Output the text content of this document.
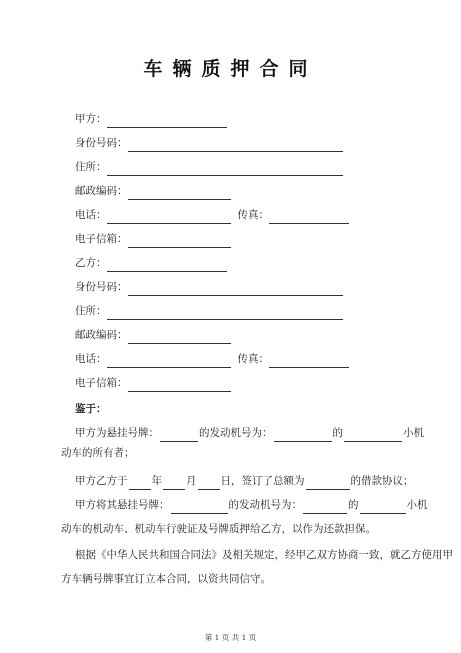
车辆质押合同
甲方：
身份号码：
住所：
邮政编码：
电话：	传真：
电子信箱：
乙方：
身份号码：
住所：
邮政编码：
电话：	传真：
电子信箱：
鉴于：
甲方为悬挂号牌：	的发动机号为：	的	小机
动车的所有者；
甲方乙方于 年 月 日，签订了总额为	的借款协议；
甲方将其悬挂号牌：	的发动机号为：	的	小机
动车的机动车、机动车行驶证及号牌质押给乙方，以作为还款担保。
根据《中华人民共和国合同法》及相关规定，经甲乙双方协商一致，就乙方使用甲
方车辆号牌事宜订立本合同，以资共同信守。
第 1 页 共 1 页
